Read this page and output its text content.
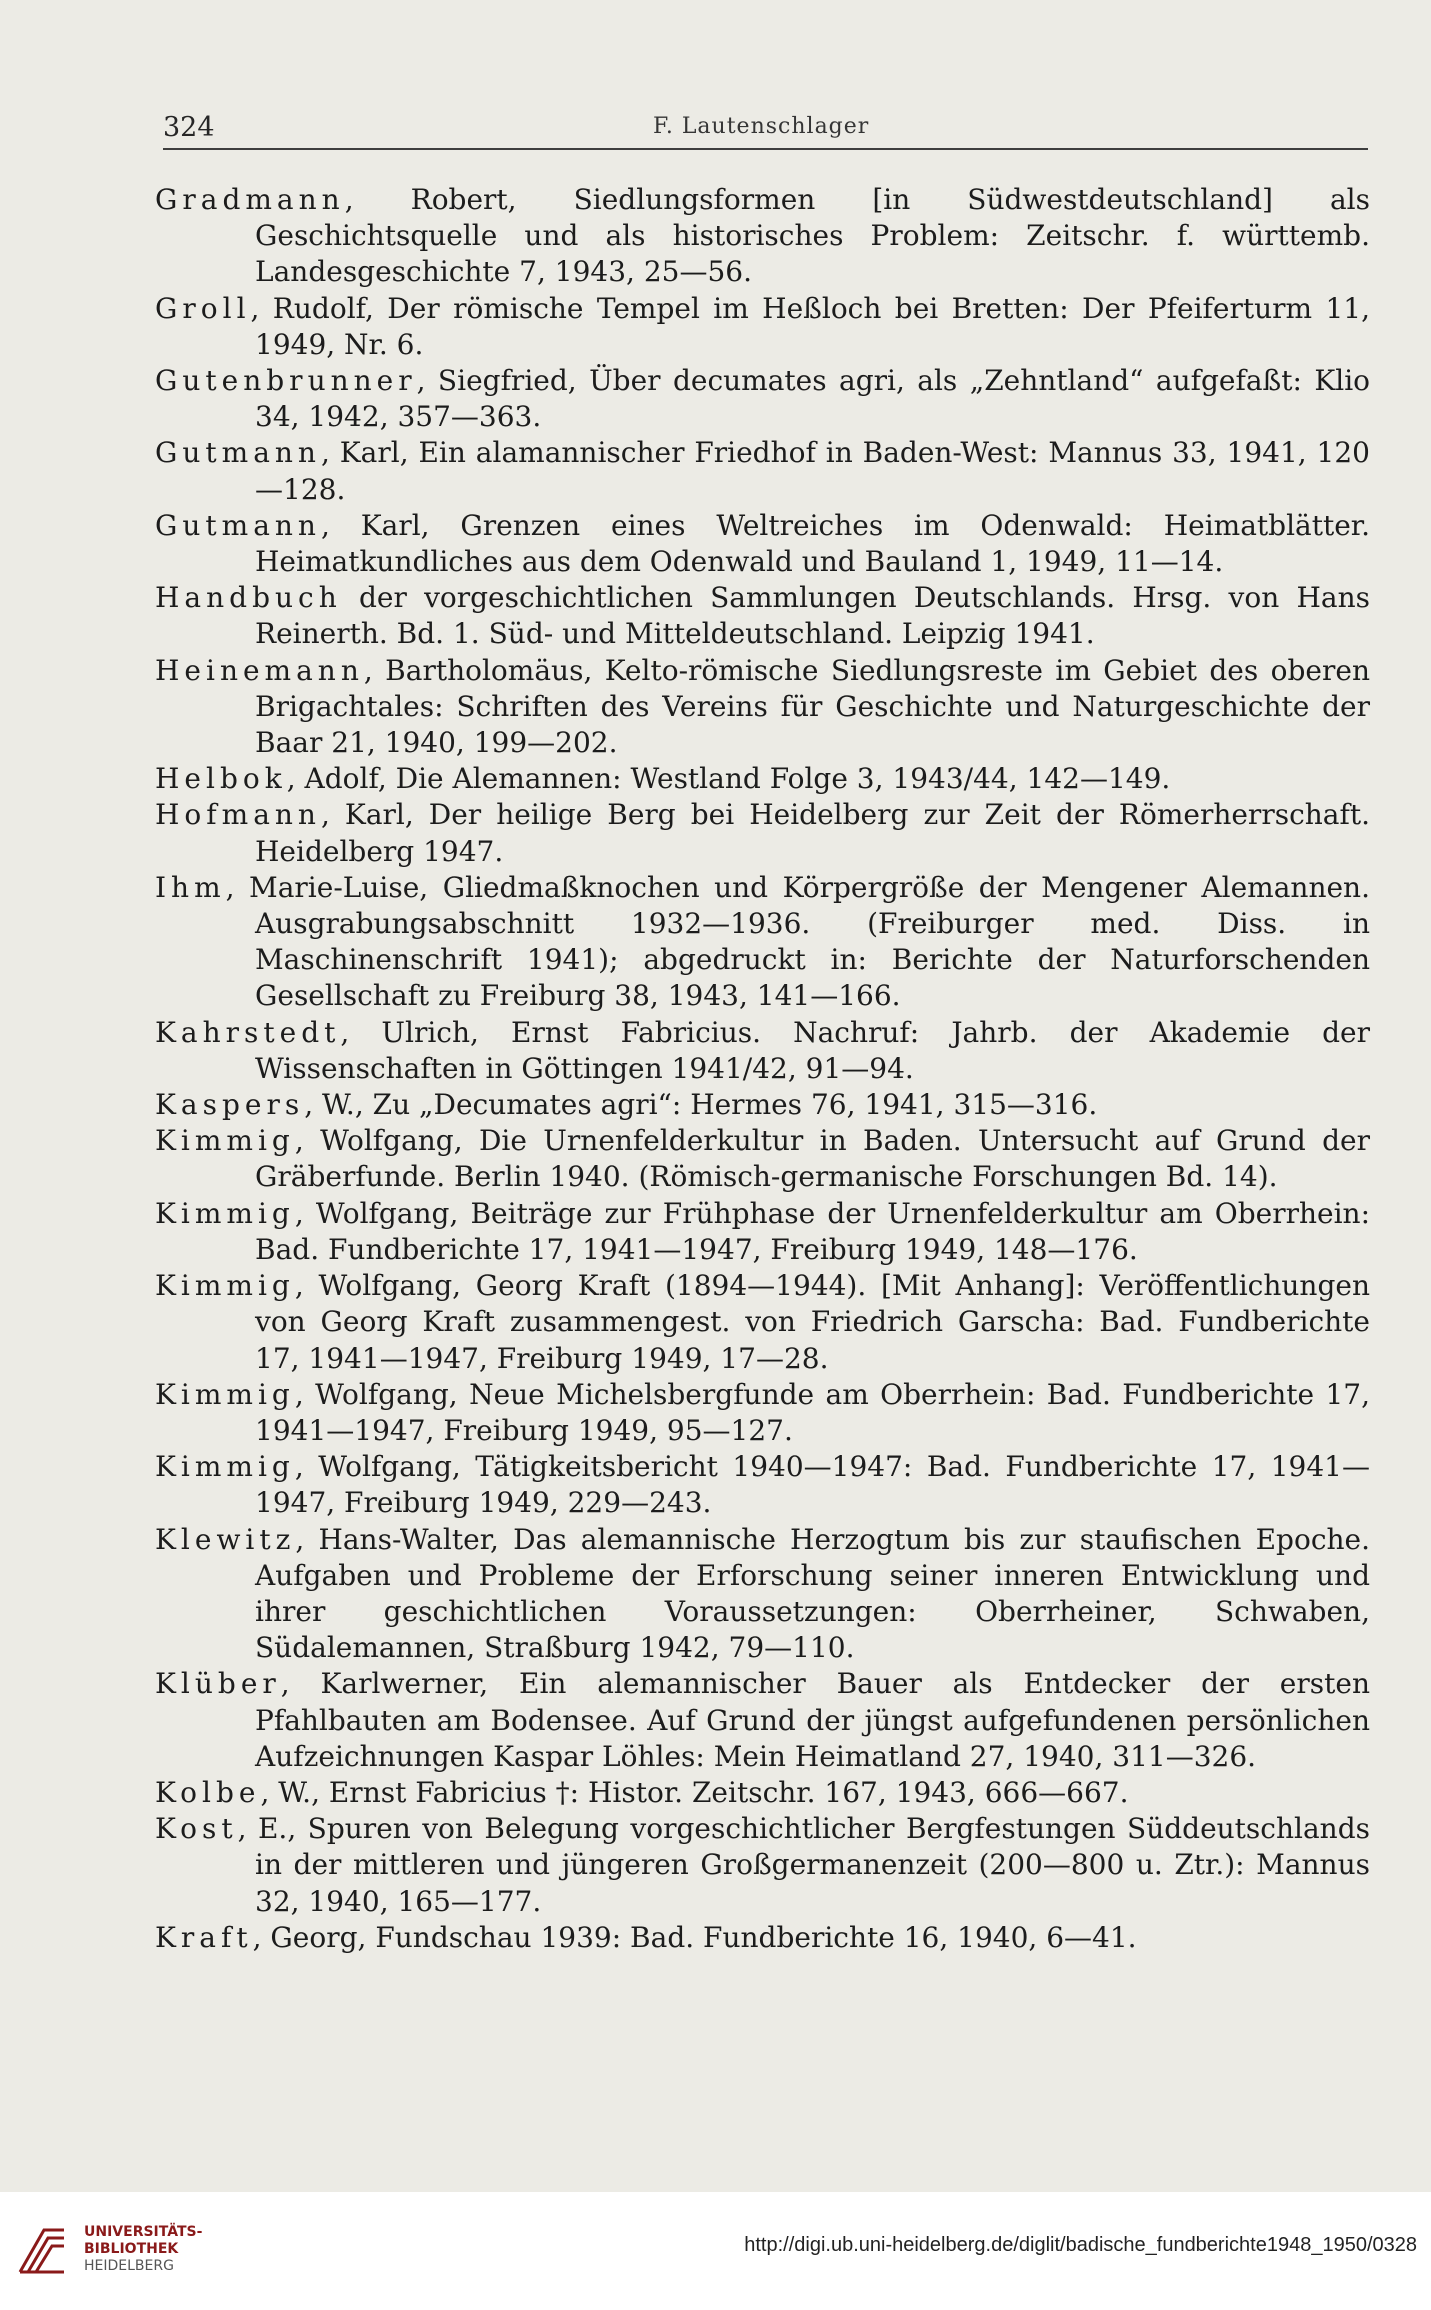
324	F. Lautenschlager

Gradmann, Robert, Siedlungsformen [in Südwestdeutschland] als Geschichtsquelle und als historisches Problem: Zeitschr. f. württemb. Landesgeschichte 7, 1943, 25—56.

Groll, Rudolf, Der römische Tempel im Heßloch bei Bretten: Der Pfeiferturm 11, 1949, Nr. 6.

Gutenbrunner, Siegfried, Über decumates agri, als „Zehntland“ aufgefaßt: Klio 34, 1942, 357—363.

Gutmann, Karl, Ein alamannischer Friedhof in Baden-West: Mannus 33, 1941, 120—128.

Gutmann, Karl, Grenzen eines Weltreiches im Odenwald: Heimatblätter. Heimatkundliches aus dem Odenwald und Bauland 1, 1949, 11—14.

Handbuch der vorgeschichtlichen Sammlungen Deutschlands. Hrsg. von Hans Reinerth. Bd. 1. Süd- und Mitteldeutschland. Leipzig 1941.

Heinemann, Bartholomäus, Kelto-römische Siedlungsreste im Gebiet des oberen Brigachtales: Schriften des Vereins für Geschichte und Naturgeschichte der Baar 21, 1940, 199—202.

Helbok, Adolf, Die Alemannen: Westland Folge 3, 1943/44, 142—149.

Hofmann, Karl, Der heilige Berg bei Heidelberg zur Zeit der Römerherrschaft. Heidelberg 1947.

Ihm, Marie-Luise, Gliedmaßknochen und Körpergröße der Mengener Alemannen. Ausgrabungsabschnitt 1932—1936. (Freiburger med. Diss. in Maschinenschrift 1941); abgedruckt in: Berichte der Naturforschenden Gesellschaft zu Freiburg 38, 1943, 141—166.

Kahrstedt, Ulrich, Ernst Fabricius. Nachruf: Jahrb. der Akademie der Wissenschaften in Göttingen 1941/42, 91—94.

Kaspers, W., Zu „Decumates agri“: Hermes 76, 1941, 315—316.

Kimmig, Wolfgang, Die Urnenfelderkultur in Baden. Untersucht auf Grund der Gräberfunde. Berlin 1940. (Römisch-germanische Forschungen Bd. 14).

Kimmig, Wolfgang, Beiträge zur Frühphase der Urnenfelderkultur am Oberrhein: Bad. Fundberichte 17, 1941—1947, Freiburg 1949, 148—176.

Kimmig, Wolfgang, Georg Kraft (1894—1944). [Mit Anhang]: Veröffentlichungen von Georg Kraft zusammengest. von Friedrich Garscha: Bad. Fundberichte 17, 1941—1947, Freiburg 1949, 17—28.

Kimmig, Wolfgang, Neue Michelsbergfunde am Oberrhein: Bad. Fundberichte 17, 1941—1947, Freiburg 1949, 95—127.

Kimmig, Wolfgang, Tätigkeitsbericht 1940—1947: Bad. Fundberichte 17, 1941—1947, Freiburg 1949, 229—243.

Klewitz, Hans-Walter, Das alemannische Herzogtum bis zur staufischen Epoche. Aufgaben und Probleme der Erforschung seiner inneren Entwicklung und ihrer geschichtlichen Voraussetzungen: Oberrheiner, Schwaben, Südalemannen, Straßburg 1942, 79—110.

Klüber, Karlwerner, Ein alemannischer Bauer als Entdecker der ersten Pfahlbauten am Bodensee. Auf Grund der jüngst aufgefundenen persönlichen Aufzeichnungen Kaspar Löhles: Mein Heimatland 27, 1940, 311—326.

Kolbe, W., Ernst Fabricius †: Histor. Zeitschr. 167, 1943, 666—667.

Kost, E., Spuren von Belegung vorgeschichtlicher Bergfestungen Süddeutschlands in der mittleren und jüngeren Großgermanenzeit (200—800 u. Ztr.): Mannus 32, 1940, 165—177.

Kraft, Georg, Fundschau 1939: Bad. Fundberichte 16, 1940, 6—41.

UNIVERSITÄTS-
BIBLIOTHEK
HEIDELBERG
http://digi.ub.uni-heidelberg.de/diglit/badische_fundberichte1948_1950/0328
